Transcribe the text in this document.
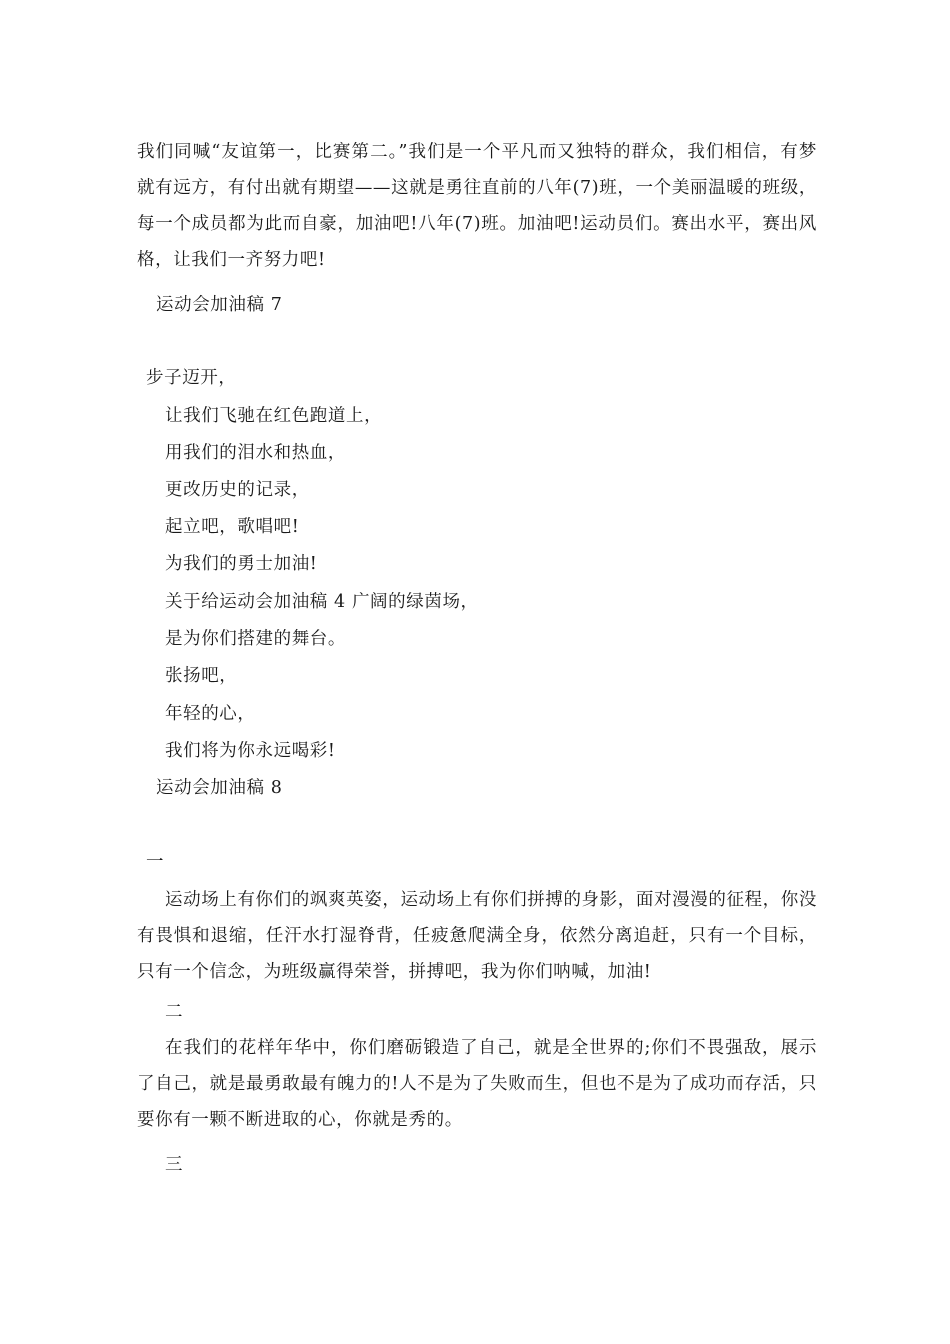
我们同喊“友谊第一，比赛第二。”我们是一个平凡而又独特的群众，我们相信，有梦就有远方，有付出就有期望——这就是勇往直前的八年(7)班，一个美丽温暖的班级，每一个成员都为此而自豪，加油吧!八年(7)班。加油吧!运动员们。赛出水平，赛出风格，让我们一齐努力吧!
运动会加油稿 7
步子迈开，
让我们飞驰在红色跑道上，
用我们的泪水和热血，
更改历史的记录，
起立吧，歌唱吧!
为我们的勇士加油!
关于给运动会加油稿 4 广阔的绿茵场，
是为你们搭建的舞台。
张扬吧，
年轻的心，
我们将为你永远喝彩!
运动会加油稿 8
一
运动场上有你们的飒爽英姿，运动场上有你们拼搏的身影，面对漫漫的征程，你没有畏惧和退缩，任汗水打湿脊背，任疲惫爬满全身，依然分离追赶，只有一个目标，只有一个信念，为班级赢得荣誉，拼搏吧，我为你们呐喊，加油!
二
在我们的花样年华中，你们磨砺锻造了自己，就是全世界的;你们不畏强敌，展示了自己，就是最勇敢最有魄力的!人不是为了失败而生，但也不是为了成功而存活，只要你有一颗不断进取的心，你就是秀的。
三
